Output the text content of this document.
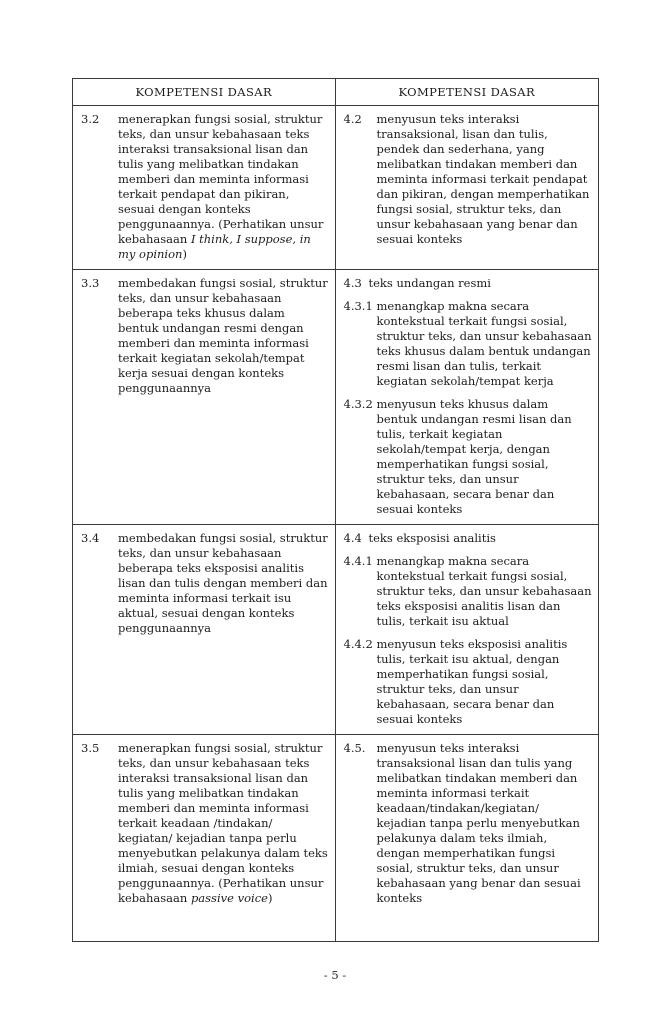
KOMPETENSI DASAR	KOMPETENSI DASAR
3.2 menerapkan fungsi sosial, struktur teks, dan unsur kebahasaan teks interaksi transaksional lisan dan tulis yang melibatkan tindakan memberi dan meminta informasi terkait pendapat dan pikiran, sesuai dengan konteks penggunaannya. (Perhatikan unsur kebahasaan I think, I suppose, in my opinion)
4.2 menyusun teks interaksi transaksional, lisan dan tulis, pendek dan sederhana, yang melibatkan tindakan memberi dan meminta informasi terkait pendapat dan pikiran, dengan memperhatikan fungsi sosial, struktur teks, dan unsur kebahasaan yang benar dan sesuai konteks
3.3 membedakan fungsi sosial, struktur teks, dan unsur kebahasaan beberapa teks khusus dalam bentuk undangan resmi dengan memberi dan meminta informasi terkait kegiatan sekolah/tempat kerja sesuai dengan konteks penggunaannya
4.3 teks undangan resmi
4.3.1 menangkap makna secara kontekstual terkait fungsi sosial, struktur teks, dan unsur kebahasaan teks khusus dalam bentuk undangan resmi lisan dan tulis, terkait kegiatan sekolah/tempat kerja
4.3.2 menyusun teks khusus dalam bentuk undangan resmi lisan dan tulis, terkait kegiatan sekolah/tempat kerja, dengan memperhatikan fungsi sosial, struktur teks, dan unsur kebahasaan, secara benar dan sesuai konteks
3.4 membedakan fungsi sosial, struktur teks, dan unsur kebahasaan beberapa teks eksposisi analitis lisan dan tulis dengan memberi dan meminta informasi terkait isu aktual, sesuai dengan konteks penggunaannya
4.4 teks eksposisi analitis
4.4.1 menangkap makna secara kontekstual terkait fungsi sosial, struktur teks, dan unsur kebahasaan teks eksposisi analitis lisan dan tulis, terkait isu aktual
4.4.2 menyusun teks eksposisi analitis tulis, terkait isu aktual, dengan memperhatikan fungsi sosial, struktur teks, dan unsur kebahasaan, secara benar dan sesuai konteks
3.5 menerapkan fungsi sosial, struktur teks, dan unsur kebahasaan teks interaksi transaksional lisan dan tulis yang melibatkan tindakan memberi dan meminta informasi terkait keadaan /tindakan/ kegiatan/ kejadian tanpa perlu menyebutkan pelakunya dalam teks ilmiah, sesuai dengan konteks penggunaannya. (Perhatikan unsur kebahasaan passive voice)
4.5. menyusun teks interaksi transaksional lisan dan tulis yang melibatkan tindakan memberi dan meminta informasi terkait keadaan/tindakan/kegiatan/ kejadian tanpa perlu menyebutkan pelakunya dalam teks ilmiah, dengan memperhatikan fungsi sosial, struktur teks, dan unsur kebahasaan yang benar dan sesuai konteks
- 5 -
